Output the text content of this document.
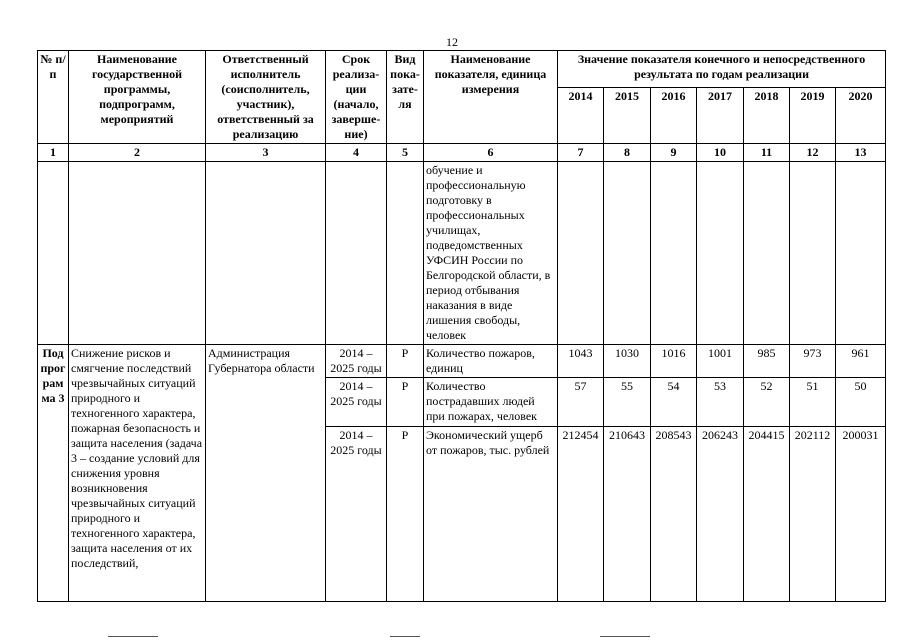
12
№ п/п	Наименование государственной программы, подпрограмм, мероприятий	Ответственный исполнитель (соисполнитель, участник), ответственный за реализацию	Срок реализа-ции (начало, заверше-ние)	Вид пока-зате-ля	Наименование показателя, единица измерения	Значение показателя конечного и непосредственного результата по годам реализации						
						2014	2015	2016	2017	2018	2019	2020
1	2	3	4	5	6	7	8	9	10	11	12	13
					обучение и профессиональную подготовку в профессиональных училищах, подведомственных УФСИН России по Белгородской области, в период отбывания наказания в виде лишения свободы, человек							
Под прог рам ма 3	Снижение рисков и смягчение последствий чрезвычайных ситуаций природного и техногенного характера, пожарная безопасность и защита населения (задача 3 – создание условий для снижения уровня возникновения чрезвычайных ситуаций природного и техногенного характера, защита населения от их последствий,	Администрация Губернатора области	2014 – 2025 годы	Р	Количество пожаров, единиц	1043	1030	1016	1001	985	973	961
			2014 – 2025 годы	Р	Количество пострадавших людей при пожарах, человек	57	55	54	53	52	51	50
			2014 – 2025 годы	Р	Экономический ущерб от пожаров, тыс. рублей	212454	210643	208543	206243	204415	202112	200031
